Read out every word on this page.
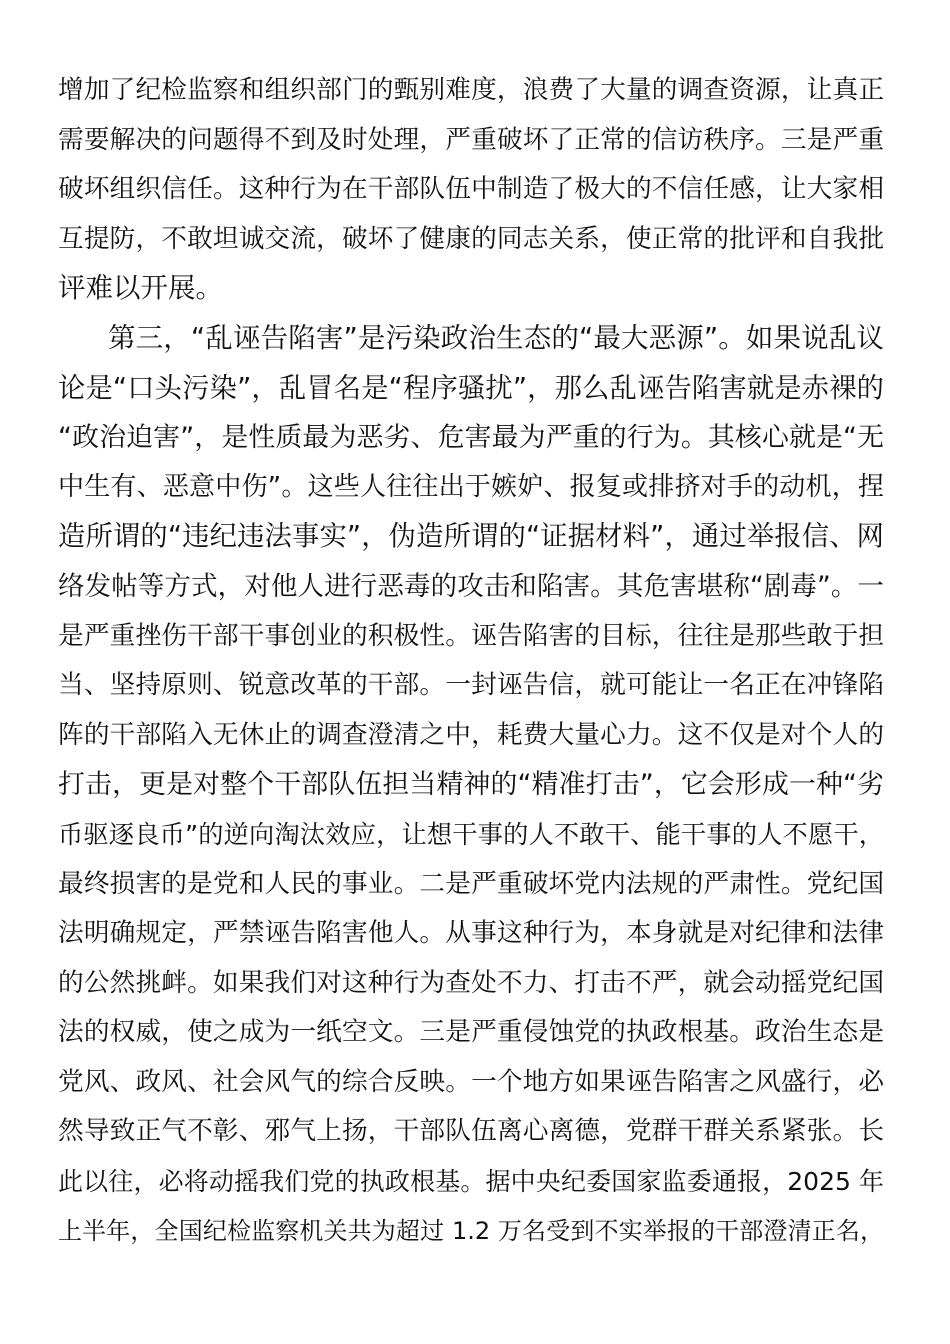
增加了纪检监察和组织部门的甄别难度，浪费了大量的调查资源，让真正
需要解决的问题得不到及时处理，严重破坏了正常的信访秩序。三是严重
破坏组织信任。这种行为在干部队伍中制造了极大的不信任感，让大家相
互提防，不敢坦诚交流，破坏了健康的同志关系，使正常的批评和自我批
评难以开展。
第三，“乱诬告陷害”是污染政治生态的“最大恶源”。如果说乱议
论是“口头污染”，乱冒名是“程序骚扰”，那么乱诬告陷害就是赤裸的
“政治迫害”，是性质最为恶劣、危害最为严重的行为。其核心就是“无
中生有、恶意中伤”。这些人往往出于嫉妒、报复或排挤对手的动机，捏
造所谓的“违纪违法事实”，伪造所谓的“证据材料”，通过举报信、网
络发帖等方式，对他人进行恶毒的攻击和陷害。其危害堪称“剧毒”。一
是严重挫伤干部干事创业的积极性。诬告陷害的目标，往往是那些敢于担
当、坚持原则、锐意改革的干部。一封诬告信，就可能让一名正在冲锋陷
阵的干部陷入无休止的调查澄清之中，耗费大量心力。这不仅是对个人的
打击，更是对整个干部队伍担当精神的“精准打击”，它会形成一种“劣
币驱逐良币”的逆向淘汰效应，让想干事的人不敢干、能干事的人不愿干，
最终损害的是党和人民的事业。二是严重破坏党内法规的严肃性。党纪国
法明确规定，严禁诬告陷害他人。从事这种行为，本身就是对纪律和法律
的公然挑衅。如果我们对这种行为查处不力、打击不严，就会动摇党纪国
法的权威，使之成为一纸空文。三是严重侵蚀党的执政根基。政治生态是
党风、政风、社会风气的综合反映。一个地方如果诬告陷害之风盛行，必
然导致正气不彰、邪气上扬，干部队伍离心离德，党群干群关系紧张。长
此以往，必将动摇我们党的执政根基。据中央纪委国家监委通报，2025 年
上半年，全国纪检监察机关共为超过 1.2 万名受到不实举报的干部澄清正名，
